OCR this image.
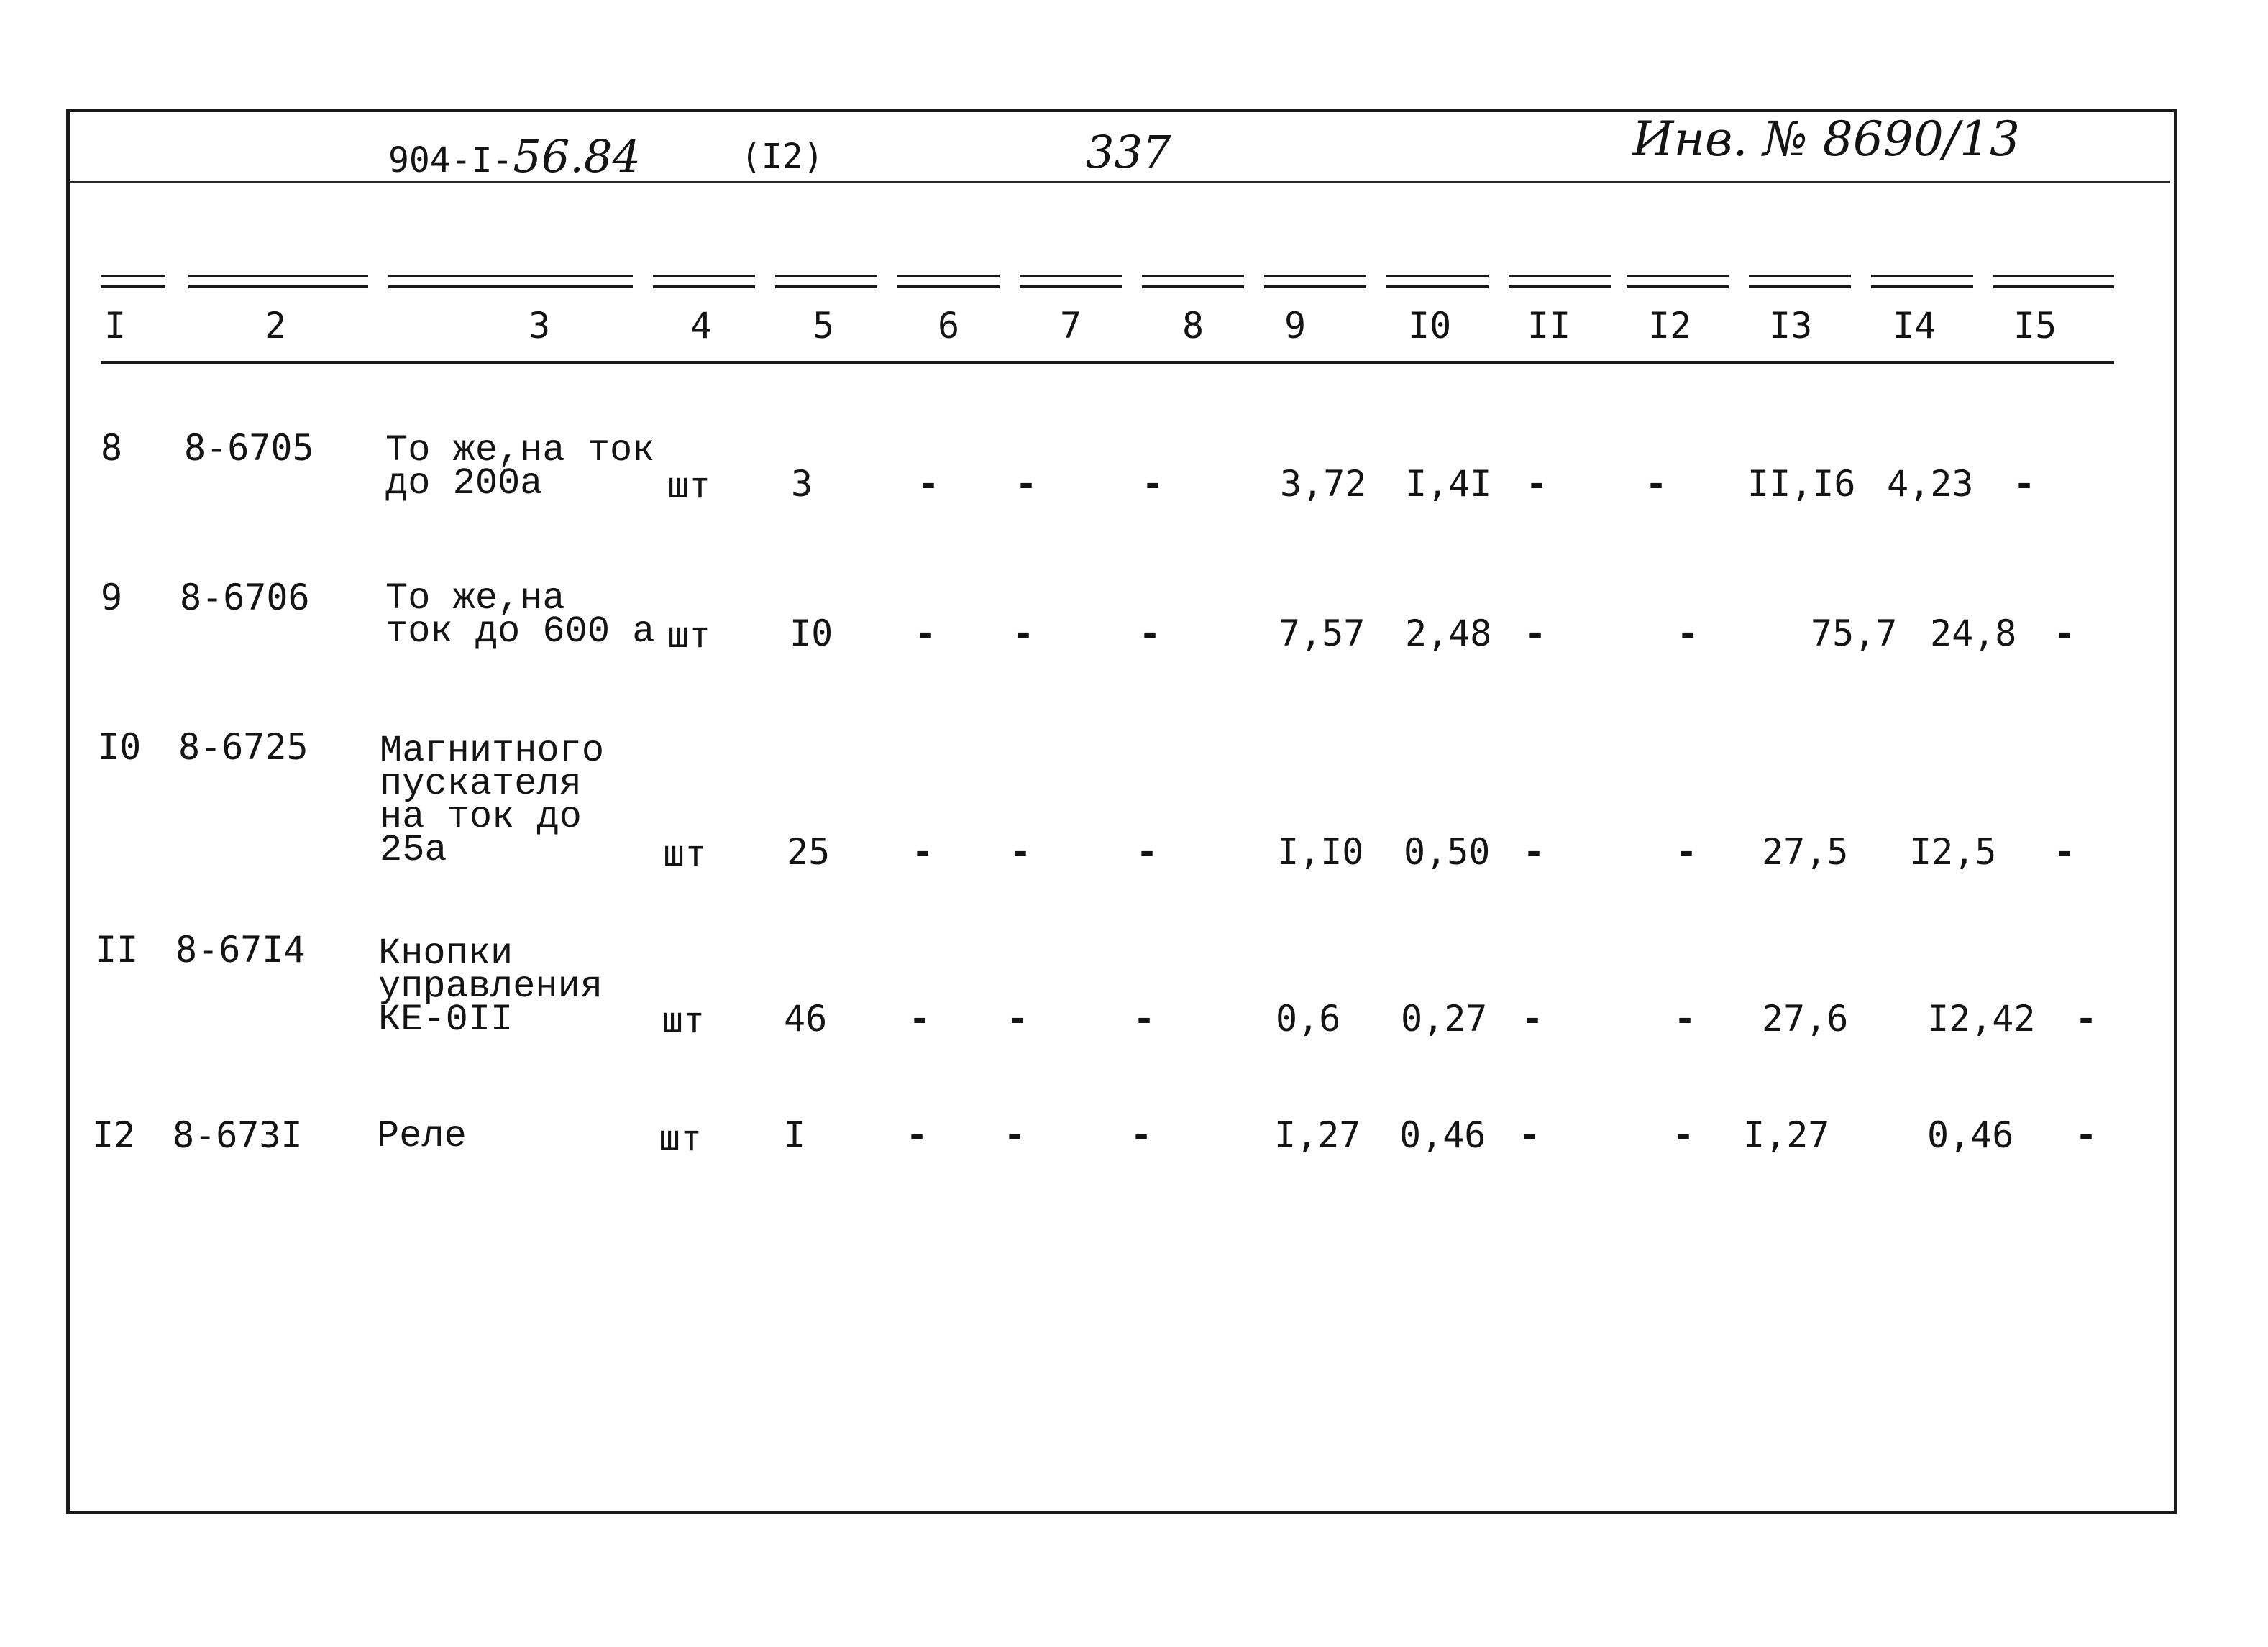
904-I-56.84	(I2)	337	Инв. № 8690/13
I	2	3	4	5	6	7	8 9	I0 II I2 I3 I4 I5
8 8-6705 То же,на ток
до 200а	шт 3	- -	-	3,72 I,4I -	- II,I6 4,23 -
9 8-6706 То же,на
ток до 600 а шт I0 - -	-	7,57 2,48 -	-	75,7 24,8 -
I0 8-6725 Магнитного
пускателя
на ток до
25а	шт 25 - -	-	I,I0 0,50 -	- 27,5 I2,5 -
II 8-67I4 Кнопки
управления
КЕ-0II	шт 46 - -	-	0,6 0,27 -	- 27,6 I2,42 -
I2 8-673I Реле	шт I	- -	-	I,27 0,46 -	- I,27	0,46 -
